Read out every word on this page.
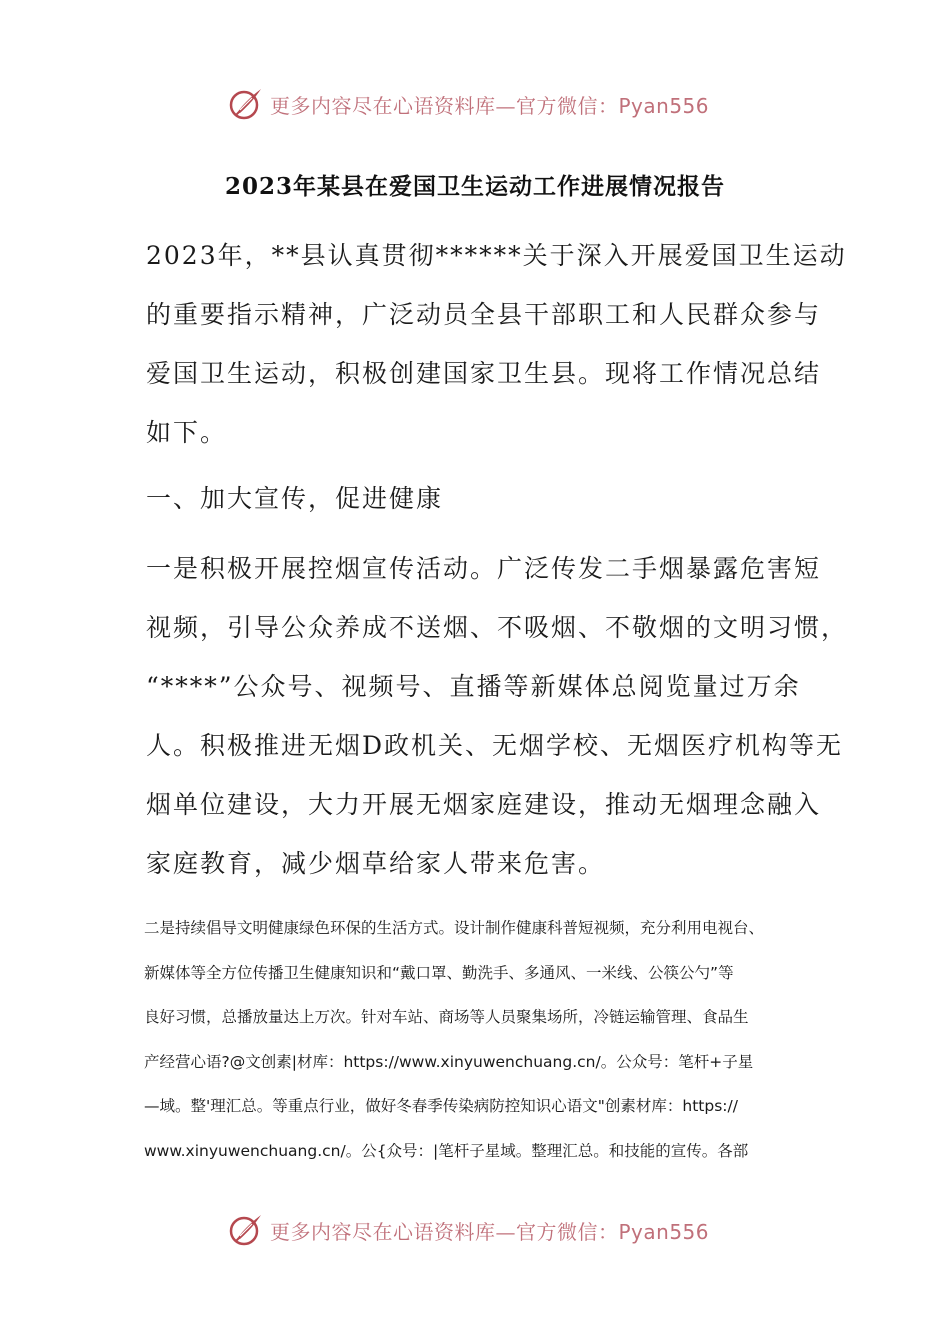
更多内容尽在心语资料库—官方微信：Pyan556
2023年某县在爱国卫生运动工作进展情况报告
2023年，**县认真贯彻******关于深入开展爱国卫生运动
的重要指示精神，广泛动员全县干部职工和人民群众参与
爱国卫生运动，积极创建国家卫生县。现将工作情况总结
如下。
一、加大宣传，促进健康
一是积极开展控烟宣传活动。广泛传发二手烟暴露危害短
视频，引导公众养成不送烟、不吸烟、不敬烟的文明习惯，
“****”公众号、视频号、直播等新媒体总阅览量过万余
人。积极推进无烟D政机关、无烟学校、无烟医疗机构等无
烟单位建设，大力开展无烟家庭建设，推动无烟理念融入
家庭教育，减少烟草给家人带来危害。
二是持续倡导文明健康绿色环保的生活方式。设计制作健康科普短视频，充分利用电视台、
新媒体等全方位传播卫生健康知识和“戴口罩、勤洗手、多通风、一米线、公筷公勺”等
良好习惯，总播放量达上万次。针对车站、商场等人员聚集场所，冷链运输管理、食品生
产经营心语?@文创素|材库：https://www.xinyuwenchuang.cn/。公众号：笔杆+子星
—域。整'理汇总。等重点行业，做好冬春季传染病防控知识心语文"创素材库：https://
www.xinyuwenchuang.cn/。公{众号：|笔杆子星域。整理汇总。和技能的宣传。各部
更多内容尽在心语资料库—官方微信：Pyan556
